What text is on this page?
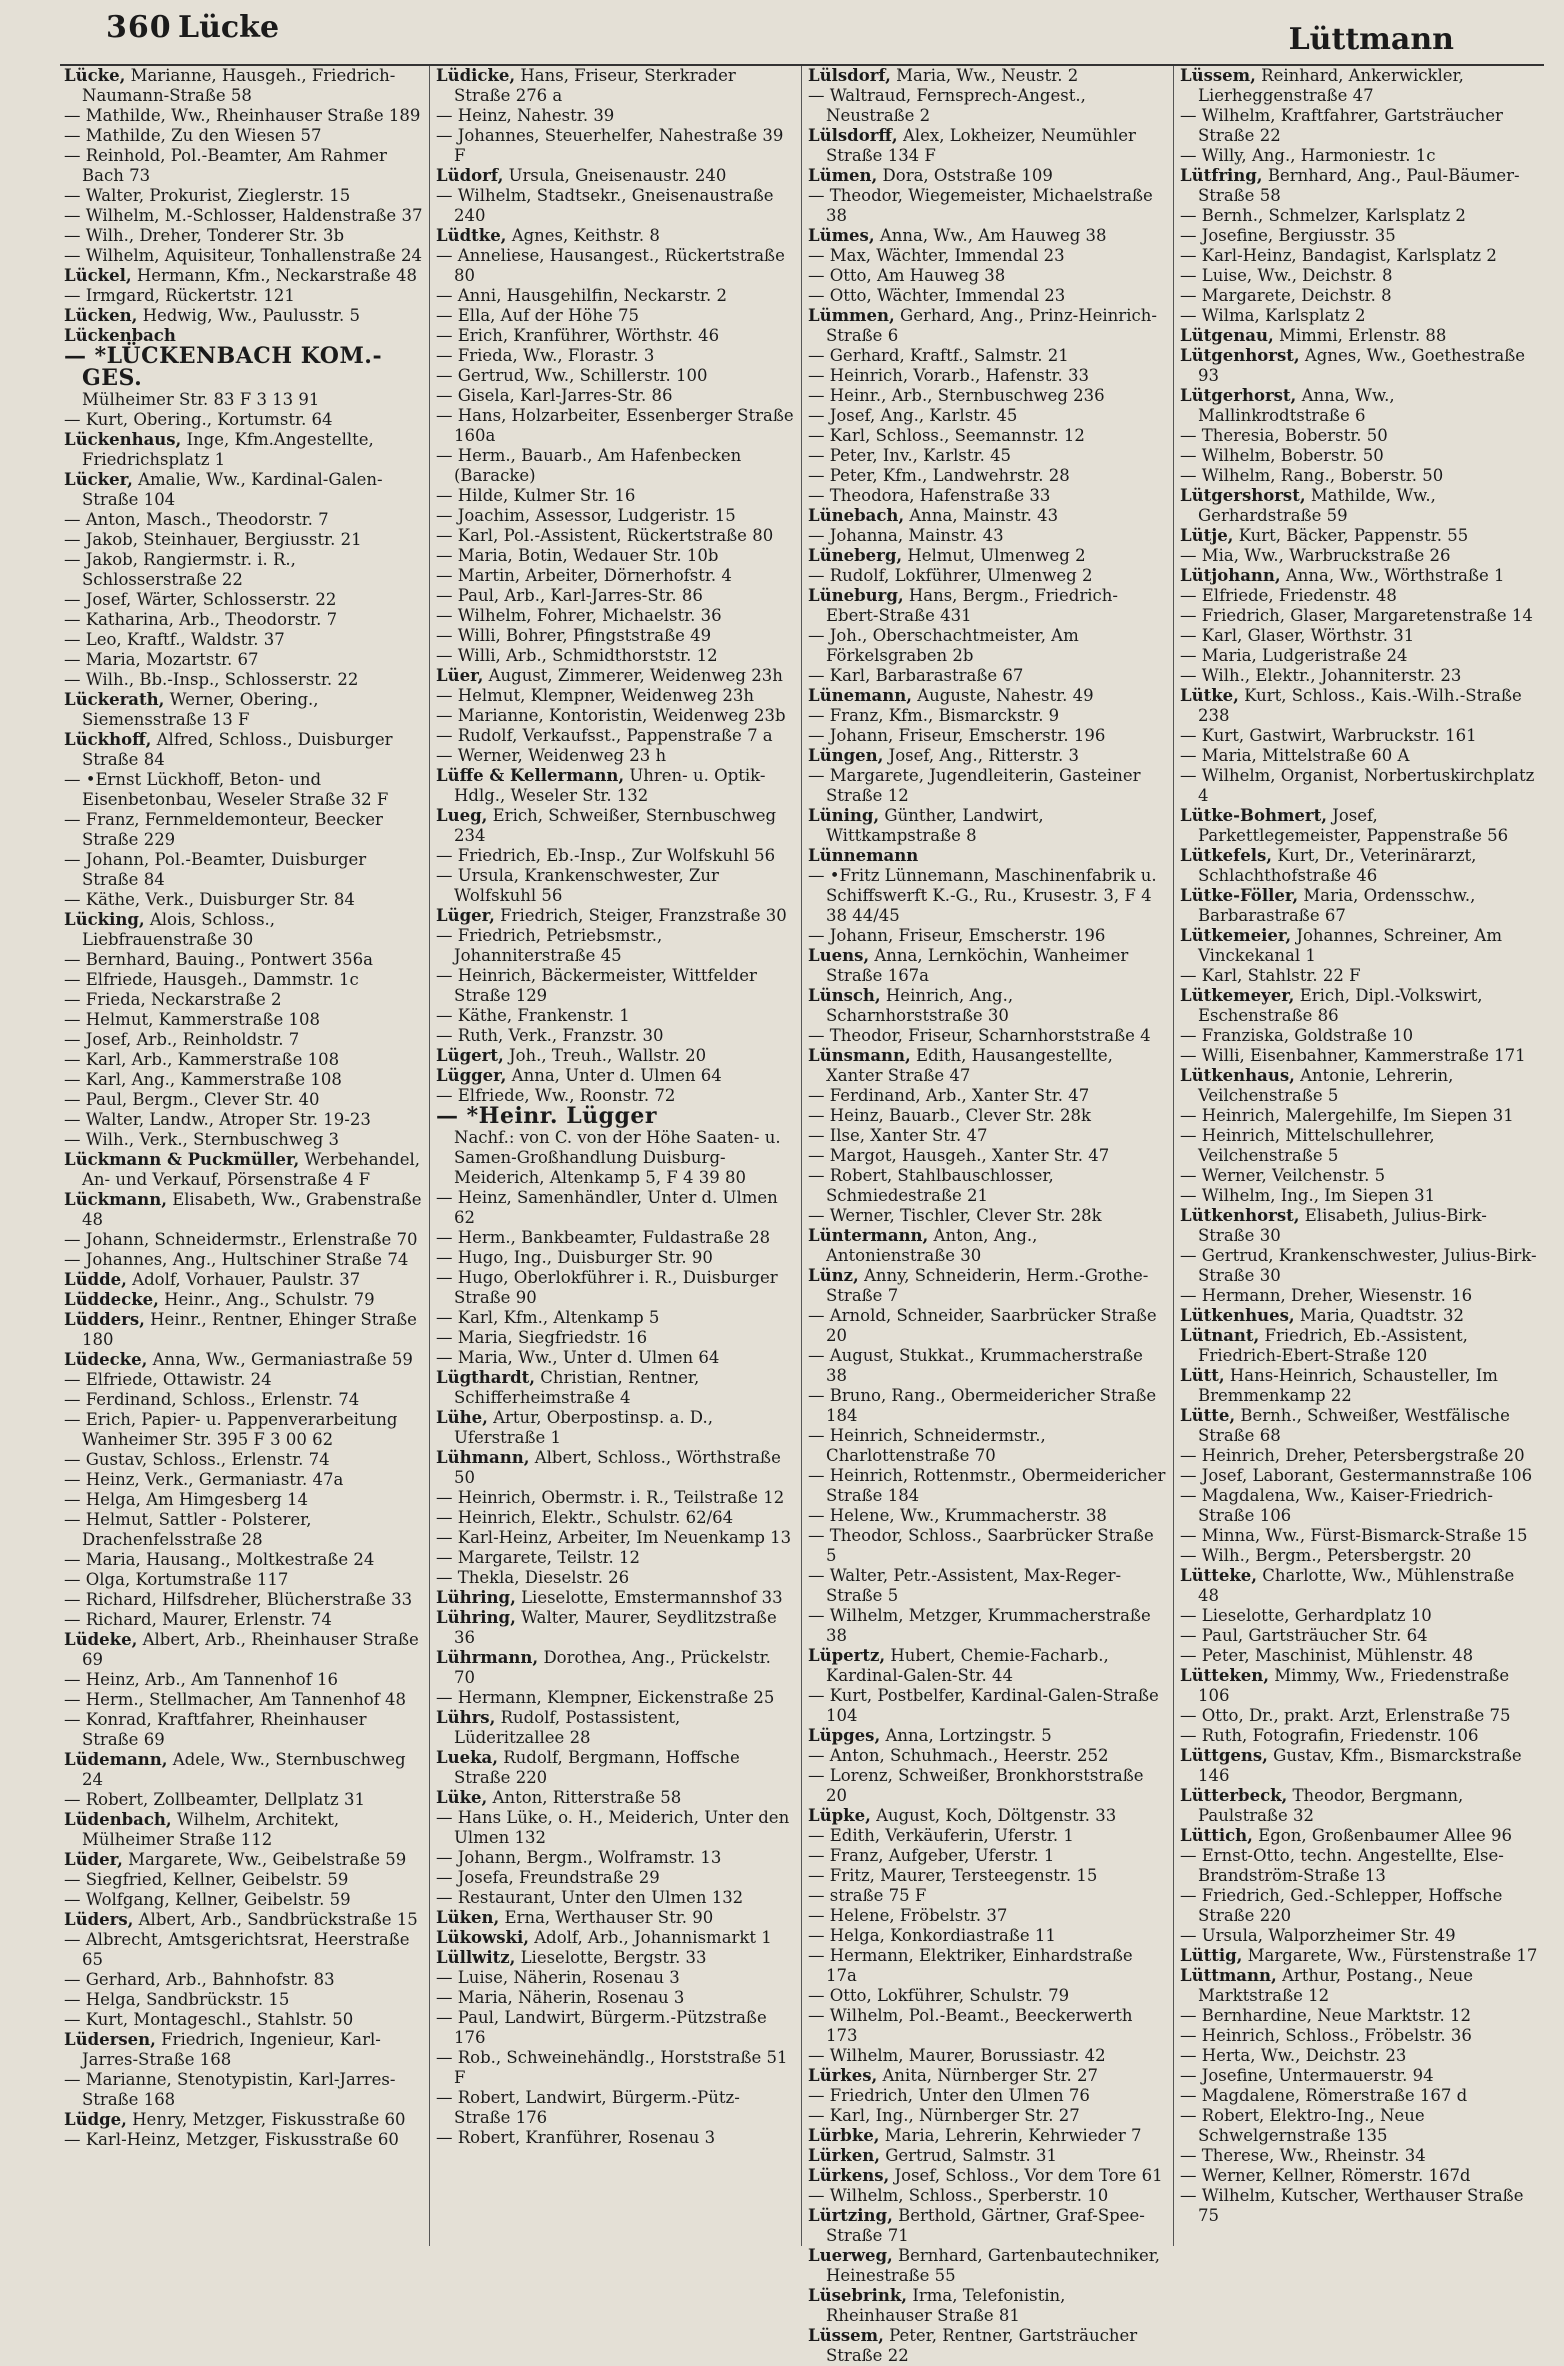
360 Lücke	Lüttmann
Lücke, Marianne, Hausgeh., Friedrich-Naumann-Straße 58
— Mathilde, Ww., Rheinhauser Straße 189
— Mathilde, Zu den Wiesen 57
— Reinhold, Pol.-Beamter, Am Rahmer Bach 73
— Walter, Prokurist, Zieglerstr. 15
— Wilhelm, M.-Schlosser, Haldenstraße 37
— Wilh., Dreher, Tonderer Str. 3b
— Wilhelm, Aquisiteur, Tonhallenstraße 24
Lückel, Hermann, Kfm., Neckarstraße 48
— Irmgard, Rückertstr. 121
Lücken, Hedwig, Ww., Paulusstr. 5
Lückenbach
— *LÜCKENBACH KOM.-GES.
Mülheimer Str. 83 F 3 13 91
— Kurt, Obering., Kortumstr. 64
Lückenhaus, Inge, Kfm.Angestellte, Friedrichsplatz 1
Lücker, Amalie, Ww., Kardinal-Galen-Straße 104
— Anton, Masch., Theodorstr. 7
— Jakob, Steinhauer, Bergiusstr. 21
— Jakob, Rangiermstr. i. R., Schlosserstraße 22
— Josef, Wärter, Schlosserstr. 22
— Katharina, Arb., Theodorstr. 7
— Leo, Kraftf., Waldstr. 37
— Maria, Mozartstr. 67
— Wilh., Bb.-Insp., Schlosserstr. 22
Lückerath, Werner, Obering., Siemensstraße 13 F
Lückhoff, Alfred, Schloss., Duisburger Straße 84
— •Ernst Lückhoff, Beton- und Eisenbetonbau, Weseler Straße 32 F
— Franz, Fernmeldemonteur, Beecker Straße 229
— Johann, Pol.-Beamter, Duisburger Straße 84
— Käthe, Verk., Duisburger Str. 84
Lücking, Alois, Schloss., Liebfrauenstraße 30
— Bernhard, Bauing., Pontwert 356a
— Elfriede, Hausgeh., Dammstr. 1c
— Frieda, Neckarstraße 2
— Helmut, Kammerstraße 108
— Josef, Arb., Reinholdstr. 7
— Karl, Arb., Kammerstraße 108
— Karl, Ang., Kammerstraße 108
— Paul, Bergm., Clever Str. 40
— Walter, Landw., Atroper Str. 19-23
— Wilh., Verk., Sternbuschweg 3
Lückmann & Puckmüller, Werbehandel, An- und Verkauf, Pörsenstraße 4 F
Lückmann, Elisabeth, Ww., Grabenstraße 48
— Johann, Schneidermstr., Erlenstraße 70
— Johannes, Ang., Hultschiner Straße 74
Lüdde, Adolf, Vorhauer, Paulstr. 37
Lüddecke, Heinr., Ang., Schulstr. 79
Lüdders, Heinr., Rentner, Ehinger Straße 180
Lüdecke, Anna, Ww., Germaniastraße 59
— Elfriede, Ottawistr. 24
— Ferdinand, Schloss., Erlenstr. 74
— Erich, Papier- u. Pappenverarbeitung Wanheimer Str. 395 F 3 00 62
— Gustav, Schloss., Erlenstr. 74
— Heinz, Verk., Germaniastr. 47a
— Helga, Am Himgesberg 14
— Helmut, Sattler - Polsterer, Drachenfelsstraße 28
— Maria, Hausang., Moltkestraße 24
— Olga, Kortumstraße 117
— Richard, Hilfsdreher, Blücherstraße 33
— Richard, Maurer, Erlenstr. 74
Lüdeke, Albert, Arb., Rheinhauser Straße 69
— Heinz, Arb., Am Tannenhof 16
— Herm., Stellmacher, Am Tannenhof 48
— Konrad, Kraftfahrer, Rheinhauser Straße 69
Lüdemann, Adele, Ww., Sternbuschweg 24
— Robert, Zollbeamter, Dellplatz 31
Lüdenbach, Wilhelm, Architekt, Mülheimer Straße 112
Lüder, Margarete, Ww., Geibelstraße 59
— Siegfried, Kellner, Geibelstr. 59
— Wolfgang, Kellner, Geibelstr. 59
Lüders, Albert, Arb., Sandbrückstraße 15
— Albrecht, Amtsgerichtsrat, Heerstraße 65
— Gerhard, Arb., Bahnhofstr. 83
— Helga, Sandbrückstr. 15
— Kurt, Montageschl., Stahlstr. 50
Lüdersen, Friedrich, Ingenieur, Karl-Jarres-Straße 168
— Marianne, Stenotypistin, Karl-Jarres-Straße 168
Lüdge, Henry, Metzger, Fiskusstraße 60
— Karl-Heinz, Metzger, Fiskusstraße 60
Lüdicke, Hans, Friseur, Sterkrader Straße 276 a
— Heinz, Nahestr. 39
— Johannes, Steuerhelfer, Nahestraße 39 F
Lüdorf, Ursula, Gneisenaustr. 240
— Wilhelm, Stadtsekr., Gneisenaustraße 240
Lüdtke, Agnes, Keithstr. 8
— Anneliese, Hausangest., Rückertstraße 80
— Anni, Hausgehilfin, Neckarstr. 2
— Ella, Auf der Höhe 75
— Erich, Kranführer, Wörthstr. 46
— Frieda, Ww., Florastr. 3
— Gertrud, Ww., Schillerstr. 100
— Gisela, Karl-Jarres-Str. 86
— Hans, Holzarbeiter, Essenberger Straße 160a
— Herm., Bauarb., Am Hafenbecken (Baracke)
— Hilde, Kulmer Str. 16
— Joachim, Assessor, Ludgeristr. 15
— Karl, Pol.-Assistent, Rückertstraße 80
— Maria, Botin, Wedauer Str. 10b
— Martin, Arbeiter, Dörnerhofstr. 4
— Paul, Arb., Karl-Jarres-Str. 86
— Wilhelm, Fohrer, Michaelstr. 36
— Willi, Bohrer, Pfingststraße 49
— Willi, Arb., Schmidthorststr. 12
Lüer, August, Zimmerer, Weidenweg 23h
— Helmut, Klempner, Weidenweg 23h
— Marianne, Kontoristin, Weidenweg 23b
— Rudolf, Verkaufsst., Pappenstraße 7 a
— Werner, Weidenweg 23 h
Lüffe & Kellermann, Uhren- u. Optik-Hdlg., Weseler Str. 132
Lueg, Erich, Schweißer, Sternbuschweg 234
— Friedrich, Eb.-Insp., Zur Wolfskuhl 56
— Ursula, Krankenschwester, Zur Wolfskuhl 56
Lüger, Friedrich, Steiger, Franzstraße 30
— Friedrich, Petriebsmstr., Johanniterstraße 45
— Heinrich, Bäckermeister, Wittfelder Straße 129
— Käthe, Frankenstr. 1
— Ruth, Verk., Franzstr. 30
Lügert, Joh., Treuh., Wallstr. 20
Lügger, Anna, Unter d. Ulmen 64
— Elfriede, Ww., Roonstr. 72
— *Heinr. Lügger
Nachf.: von C. von der Höhe Saaten- u. Samen-Großhandlung Duisburg-Meiderich, Altenkamp 5, F 4 39 80
— Heinz, Samenhändler, Unter d. Ulmen 62
— Herm., Bankbeamter, Fuldastraße 28
— Hugo, Ing., Duisburger Str. 90
— Hugo, Oberlokführer i. R., Duisburger Straße 90
— Karl, Kfm., Altenkamp 5
— Maria, Siegfriedstr. 16
— Maria, Ww., Unter d. Ulmen 64
Lügthardt, Christian, Rentner, Schifferheimstraße 4
Lühe, Artur, Oberpostinsp. a. D., Uferstraße 1
Lühmann, Albert, Schloss., Wörthstraße 50
— Heinrich, Obermstr. i. R., Teilstraße 12
— Heinrich, Elektr., Schulstr. 62/64
— Karl-Heinz, Arbeiter, Im Neuenkamp 13
— Margarete, Teilstr. 12
— Thekla, Dieselstr. 26
Lühring, Lieselotte, Emstermannshof 33
Lühring, Walter, Maurer, Seydlitzstraße 36
Lührmann, Dorothea, Ang., Prückelstr. 70
— Hermann, Klempner, Eickenstraße 25
Lührs, Rudolf, Postassistent, Lüderitzallee 28
Lueka, Rudolf, Bergmann, Hoffsche Straße 220
Lüke, Anton, Ritterstraße 58
— Hans Lüke, o. H., Meiderich, Unter den Ulmen 132
— Johann, Bergm., Wolframstr. 13
— Josefa, Freundstraße 29
— Restaurant, Unter den Ulmen 132
Lüken, Erna, Werthauser Str. 90
Lükowski, Adolf, Arb., Johannismarkt 1
Lüllwitz, Lieselotte, Bergstr. 33
— Luise, Näherin, Rosenau 3
— Maria, Näherin, Rosenau 3
— Paul, Landwirt, Bürgerm.-Pützstraße 176
— Rob., Schweinehändlg., Horststraße 51 F
— Robert, Landwirt, Bürgerm.-Pütz-Straße 176
— Robert, Kranführer, Rosenau 3
Lülsdorf, Maria, Ww., Neustr. 2
— Waltraud, Fernsprech-Angest., Neustraße 2
Lülsdorff, Alex, Lokheizer, Neumühler Straße 134 F
Lümen, Dora, Oststraße 109
— Theodor, Wiegemeister, Michaelstraße 38
Lümes, Anna, Ww., Am Hauweg 38
— Max, Wächter, Immendal 23
— Otto, Am Hauweg 38
— Otto, Wächter, Immendal 23
Lümmen, Gerhard, Ang., Prinz-Heinrich-Straße 6
— Gerhard, Kraftf., Salmstr. 21
— Heinrich, Vorarb., Hafenstr. 33
— Heinr., Arb., Sternbuschweg 236
— Josef, Ang., Karlstr. 45
— Karl, Schloss., Seemannstr. 12
— Peter, Inv., Karlstr. 45
— Peter, Kfm., Landwehrstr. 28
— Theodora, Hafenstraße 33
Lünebach, Anna, Mainstr. 43
— Johanna, Mainstr. 43
Lüneberg, Helmut, Ulmenweg 2
— Rudolf, Lokführer, Ulmenweg 2
Lüneburg, Hans, Bergm., Friedrich-Ebert-Straße 431
— Joh., Oberschachtmeister, Am Förkelsgraben 2b
— Karl, Barbarastraße 67
Lünemann, Auguste, Nahestr. 49
— Franz, Kfm., Bismarckstr. 9
— Johann, Friseur, Emscherstr. 196
Lüngen, Josef, Ang., Ritterstr. 3
— Margarete, Jugendleiterin, Gasteiner Straße 12
Lüning, Günther, Landwirt, Wittkampstraße 8
Lünnemann
— •Fritz Lünnemann, Maschinenfabrik u. Schiffswerft K.-G., Ru., Krusestr. 3, F 4 38 44/45
— Johann, Friseur, Emscherstr. 196
Luens, Anna, Lernköchin, Wanheimer Straße 167a
Lünsch, Heinrich, Ang., Scharnhorststraße 30
— Theodor, Friseur, Scharnhorststraße 4
Lünsmann, Edith, Hausangestellte, Xanter Straße 47
— Ferdinand, Arb., Xanter Str. 47
— Heinz, Bauarb., Clever Str. 28k
— Ilse, Xanter Str. 47
— Margot, Hausgeh., Xanter Str. 47
— Robert, Stahlbauschlosser, Schmiedestraße 21
— Werner, Tischler, Clever Str. 28k
Lüntermann, Anton, Ang., Antonienstraße 30
Lünz, Anny, Schneiderin, Herm.-Grothe-Straße 7
— Arnold, Schneider, Saarbrücker Straße 20
— August, Stukkat., Krummacherstraße 38
— Bruno, Rang., Obermeidericher Straße 184
— Heinrich, Schneidermstr., Charlottenstraße 70
— Heinrich, Rottenmstr., Obermeidericher Straße 184
— Helene, Ww., Krummacherstr. 38
— Theodor, Schloss., Saarbrücker Straße 5
— Walter, Petr.-Assistent, Max-Reger-Straße 5
— Wilhelm, Metzger, Krummacherstraße 38
Lüpertz, Hubert, Chemie-Facharb., Kardinal-Galen-Str. 44
— Kurt, Postbelfer, Kardinal-Galen-Straße 104
Lüpges, Anna, Lortzingstr. 5
— Anton, Schuhmach., Heerstr. 252
— Lorenz, Schweißer, Bronkhorststraße 20
Lüpke, August, Koch, Döltgenstr. 33
— Edith, Verkäuferin, Uferstr. 1
— Franz, Aufgeber, Uferstr. 1
— Fritz, Maurer, Tersteegenstr. 15
— straße 75 F
— Helene, Fröbelstr. 37
— Helga, Konkordiastraße 11
— Hermann, Elektriker, Einhardstraße 17a
— Otto, Lokführer, Schulstr. 79
— Wilhelm, Pol.-Beamt., Beeckerwerth 173
— Wilhelm, Maurer, Borussiastr. 42
Lürkes, Anita, Nürnberger Str. 27
— Friedrich, Unter den Ulmen 76
— Karl, Ing., Nürnberger Str. 27
Lürbke, Maria, Lehrerin, Kehrwieder 7
Lürken, Gertrud, Salmstr. 31
Lürkens, Josef, Schloss., Vor dem Tore 61
— Wilhelm, Schloss., Sperberstr. 10
Lürtzing, Berthold, Gärtner, Graf-Spee-Straße 71
Luerweg, Bernhard, Gartenbautechniker, Heinestraße 55
Lüsebrink, Irma, Telefonistin, Rheinhauser Straße 81
Lüssem, Peter, Rentner, Gartsträucher Straße 22
Lüssem, Reinhard, Ankerwickler, Lierheggenstraße 47
— Wilhelm, Kraftfahrer, Gartsträucher Straße 22
— Willy, Ang., Harmoniestr. 1c
Lütfring, Bernhard, Ang., Paul-Bäumer-Straße 58
— Bernh., Schmelzer, Karlsplatz 2
— Josefine, Bergiusstr. 35
— Karl-Heinz, Bandagist, Karlsplatz 2
— Luise, Ww., Deichstr. 8
— Margarete, Deichstr. 8
— Wilma, Karlsplatz 2
Lütgenau, Mimmi, Erlenstr. 88
Lütgenhorst, Agnes, Ww., Goethestraße 93
Lütgerhorst, Anna, Ww., Mallinkrodtstraße 6
— Theresia, Boberstr. 50
— Wilhelm, Boberstr. 50
— Wilhelm, Rang., Boberstr. 50
Lütgershorst, Mathilde, Ww., Gerhardstraße 59
Lütje, Kurt, Bäcker, Pappenstr. 55
— Mia, Ww., Warbruckstraße 26
Lütjohann, Anna, Ww., Wörthstraße 1
— Elfriede, Friedenstr. 48
— Friedrich, Glaser, Margaretenstraße 14
— Karl, Glaser, Wörthstr. 31
— Maria, Ludgeristraße 24
— Wilh., Elektr., Johanniterstr. 23
Lütke, Kurt, Schloss., Kais.-Wilh.-Straße 238
— Kurt, Gastwirt, Warbruckstr. 161
— Maria, Mittelstraße 60 A
— Wilhelm, Organist, Norbertuskirchplatz 4
Lütke-Bohmert, Josef, Parkettlegemeister, Pappenstraße 56
Lütkefels, Kurt, Dr., Veterinärarzt, Schlachthofstraße 46
Lütke-Föller, Maria, Ordensschw., Barbarastraße 67
Lütkemeier, Johannes, Schreiner, Am Vinckekanal 1
— Karl, Stahlstr. 22 F
Lütkemeyer, Erich, Dipl.-Volkswirt, Eschenstraße 86
— Franziska, Goldstraße 10
— Willi, Eisenbahner, Kammerstraße 171
Lütkenhaus, Antonie, Lehrerin, Veilchenstraße 5
— Heinrich, Malergehilfe, Im Siepen 31
— Heinrich, Mittelschullehrer, Veilchenstraße 5
— Werner, Veilchenstr. 5
— Wilhelm, Ing., Im Siepen 31
Lütkenhorst, Elisabeth, Julius-Birk-Straße 30
— Gertrud, Krankenschwester, Julius-Birk-Straße 30
— Hermann, Dreher, Wiesenstr. 16
Lütkenhues, Maria, Quadtstr. 32
Lütnant, Friedrich, Eb.-Assistent, Friedrich-Ebert-Straße 120
Lütt, Hans-Heinrich, Schausteller, Im Bremmenkamp 22
Lütte, Bernh., Schweißer, Westfälische Straße 68
— Heinrich, Dreher, Petersbergstraße 20
— Josef, Laborant, Gestermannstraße 106
— Magdalena, Ww., Kaiser-Friedrich-Straße 106
— Minna, Ww., Fürst-Bismarck-Straße 15
— Wilh., Bergm., Petersbergstr. 20
Lütteke, Charlotte, Ww., Mühlenstraße 48
— Lieselotte, Gerhardplatz 10
— Paul, Gartsträucher Str. 64
— Peter, Maschinist, Mühlenstr. 48
Lütteken, Mimmy, Ww., Friedenstraße 106
— Otto, Dr., prakt. Arzt, Erlenstraße 75
— Ruth, Fotografin, Friedenstr. 106
Lüttgens, Gustav, Kfm., Bismarckstraße 146
Lütterbeck, Theodor, Bergmann, Paulstraße 32
Lüttich, Egon, Großenbaumer Allee 96
— Ernst-Otto, techn. Angestellte, Else-Brandström-Straße 13
— Friedrich, Ged.-Schlepper, Hoffsche Straße 220
— Ursula, Walporzheimer Str. 49
Lüttig, Margarete, Ww., Fürstenstraße 17
Lüttmann, Arthur, Postang., Neue Marktstraße 12
— Bernhardine, Neue Marktstr. 12
— Heinrich, Schloss., Fröbelstr. 36
— Herta, Ww., Deichstr. 23
— Josefine, Untermauerstr. 94
— Magdalene, Römerstraße 167 d
— Robert, Elektro-Ing., Neue Schwelgernstraße 135
— Therese, Ww., Rheinstr. 34
— Werner, Kellner, Römerstr. 167d
— Wilhelm, Kutscher, Werthauser Straße 75
